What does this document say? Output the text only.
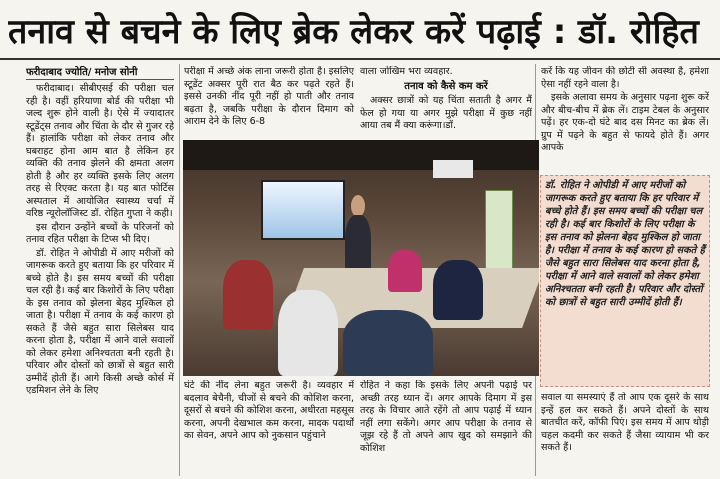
तनाव से बचने के लिए ब्रेक लेकर करें पढ़ाई : डॉ. रोहित
फरीदाबाद ज्योति/ मनोज सोनी

फरीदाबाद। सीबीएसई की परीक्षा चल रही है। वहीं हरियाणा बोर्ड की परीक्षा भी जल्द शुरू होने वाली है। ऐसे में ज्यादातर स्टूडेंट्स तनाव और चिंता के दौर से गुजर रहे हैं। हालांकि परीक्षा को लेकर तनाव और घबराहट होना आम बात है लेकिन हर व्यक्ति की तनाव झेलने की क्षमता अलग होती है और हर व्यक्ति इसके लिए अलग तरह से रिएक्ट करता है। यह बात फोर्टिस अस्पताल में आयोजित स्वास्थ्य चर्चा में वरिष्ठ न्यूरोलॉजिस्ट डॉ. रोहित गुप्ता ने कही।

इस दौरान उन्होंने बच्चों के परिजनों को तनाव रहित परीक्षा के टिप्स भी दिए।

डॉ. रोहित ने ओपीडी में आए मरीजों को जागरूक करते हुए बताया कि हर परिवार में बच्चे होते है। इस समय बच्चों की परीक्षा चल रही है। कई बार किशोरों के लिए परीक्षा के इस तनाव को झेलना बेहद मुश्किल हो जाता है। परीक्षा में तनाव के कई कारण हो सकते हैं जैसे बहुत सारा सिलेबस याद करना होता है, परीक्षा में आने वाले सवालों को लेकर हमेशा अनिश्चतता बनी रहती है। परिवार और दोस्तों को छात्रों से बहुत सारी उम्मीदें होती हैं। आगे किसी अच्छे कोर्स में एडमिशन लेने के लिए

परीक्षा में अच्छे अंक लाना जरूरी होता है। इसलिए स्टूडेंट अक्सर पूरी रात बैठ कर पढ़ते रहते हैं। इससे उनकी नींद पूरी नहीं हो पाती और तनाव बढ़ता है, जबकि परीक्षा के दौरान दिमाग को आराम देने के लिए 6-8

वाला जोखिम भरा व्यवहार.

तनाव को कैसे कम करें

अक्सर छात्रों को यह चिंता सताती है अगर मैं फेल हो गया या अगर मुझे परीक्षा में कुछ नहीं आया तब मैं क्या करूंगा।डॉ.

करें कि यह जीवन की छोटी सी अवस्था है, हमेशा ऐसा नहीं रहने वाला है।

इसके अलावा समय के अनुसार पढ़ना शुरू करें और बीच-बीच में ब्रेक लें। टाइम टेबल के अनुसार पढ़ें। हर एक-दो घंटे बाद दस मिनट का ब्रेक लें। ग्रुप में पढ़ने के बहुत से फायदे होते हैं। अगर आपके

डॉ. रोहित ने ओपीडी में आए मरीजों को जागरूक करते हुए बताया कि हर परिवार में बच्चे होते हैं। इस समय बच्चों की परीक्षा चल रही है। कई बार किशोरों के लिए परीक्षा के इस तनाव को झेलना बेहद मुश्किल हो जाता है। परीक्षा में तनाव के कई कारण हो सकते हैं जैसे बहुत सारा सिलेबस याद करना होता है, परीक्षा में आने वाले सवालों को लेकर हमेशा अनिश्चतता बनी रहती है। परिवार और दोस्तों को छात्रों से बहुत सारी उम्मीदें होती हैं।

घंटे की नींद लेना बहुत जरूरी है। व्यवहार में बदलाव बेचैनी, चीजों से बचने की कोशिश करना, दूसरों से बचने की कोशिश करना, अधीरता महसूस करना, अपनी देखभाल कम करना, मादक पदार्थों का सेवन, अपने आप को नुकसान पहुंचाने

रोहित ने कहा कि इसके लिए अपनी पढ़ाई पर अच्छी तरह ध्यान दें। अगर आपके दिमाग में इस तरह के विचार आते रहेंगे तो आप पढ़ाई में ध्यान नहीं लगा सकेंगे। अगर आप परीक्षा के तनाव से जूझ रहे हैं तो अपने आप खुद को समझाने की कोशिश

सवाल या समस्याएं हैं तो आप एक दूसरे के साथ इन्हें हल कर सकते हैं। अपने दोस्तों के साथ बातचीत करें, कॉफी पिएं। इस समय में आप थोड़ी चहल कदमी कर सकते हैं जैसा व्यायाम भी कर सकते हैं।
